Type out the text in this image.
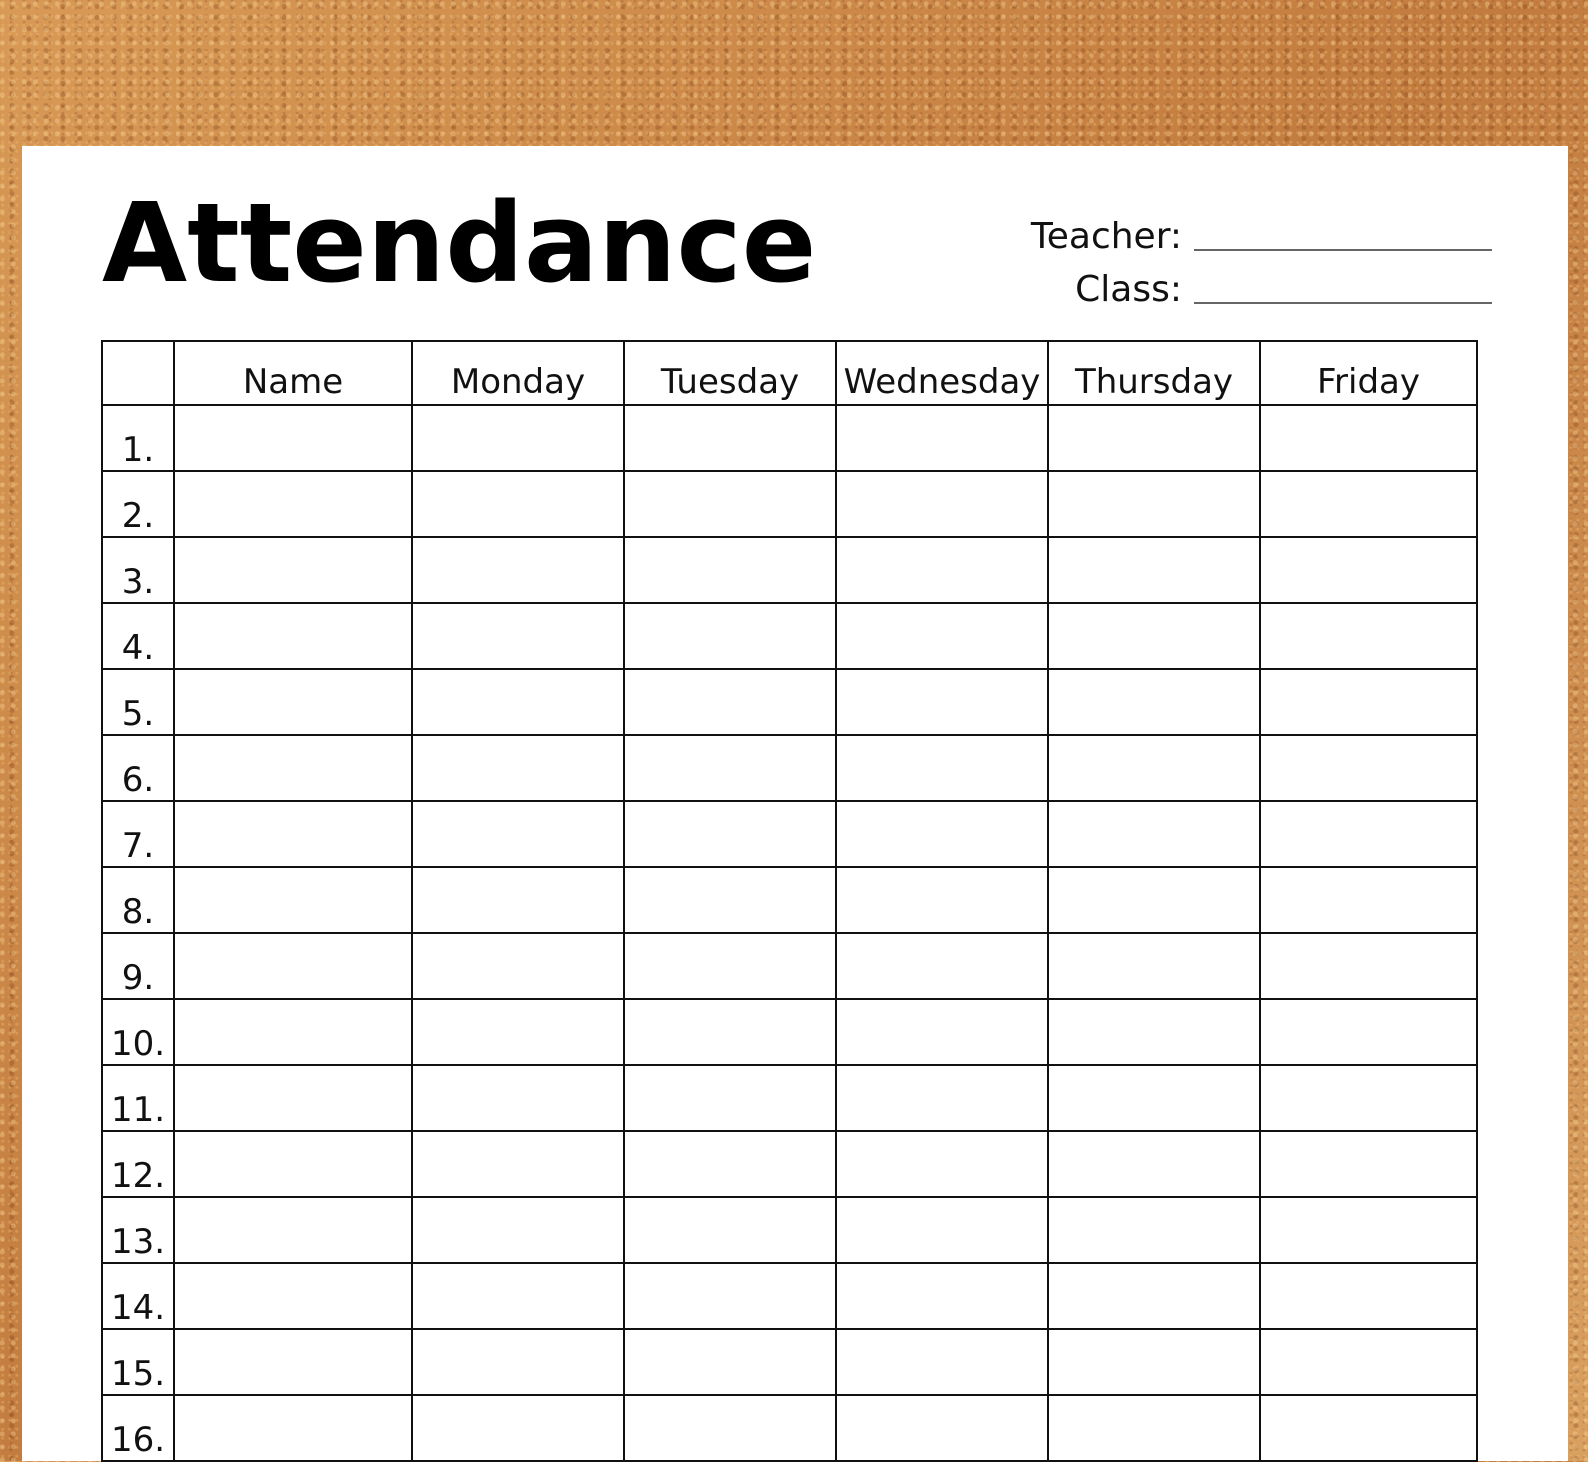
Attendance	Teacher:
Class:
	Name	Monday	Tuesday	Wednesday	Thursday	Friday
1.						
2.						
3.						
4.						
5.						
6.						
7.						
8.						
9.						
10.						
11.						
12.						
13.						
14.						
15.						
16.						
